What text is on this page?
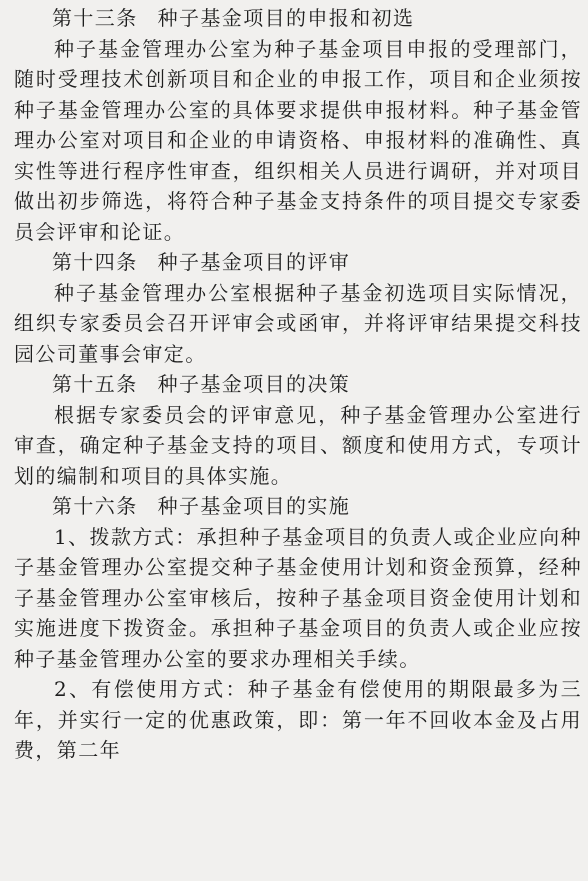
第十三条 种子基金项目的申报和初选

种子基金管理办公室为种子基金项目申报的受理部门，随时受理技术创新项目和企业的申报工作，项目和企业须按种子基金管理办公室的具体要求提供申报材料。种子基金管理办公室对项目和企业的申请资格、申报材料的准确性、真实性等进行程序性审查，组织相关人员进行调研，并对项目做出初步筛选，将符合种子基金支持条件的项目提交专家委员会评审和论证。

第十四条 种子基金项目的评审

种子基金管理办公室根据种子基金初选项目实际情况，组织专家委员会召开评审会或函审，并将评审结果提交科技园公司董事会审定。

第十五条 种子基金项目的决策

根据专家委员会的评审意见，种子基金管理办公室进行审查，确定种子基金支持的项目、额度和使用方式，专项计划的编制和项目的具体实施。

第十六条 种子基金项目的实施

1、拨款方式：承担种子基金项目的负责人或企业应向种子基金管理办公室提交种子基金使用计划和资金预算，经种子基金管理办公室审核后，按种子基金项目资金使用计划和实施进度下拨资金。承担种子基金项目的负责人或企业应按种子基金管理办公室的要求办理相关手续。

2、有偿使用方式：种子基金有偿使用的期限最多为三年，并实行一定的优惠政策，即：第一年不回收本金及占用费，第二年
